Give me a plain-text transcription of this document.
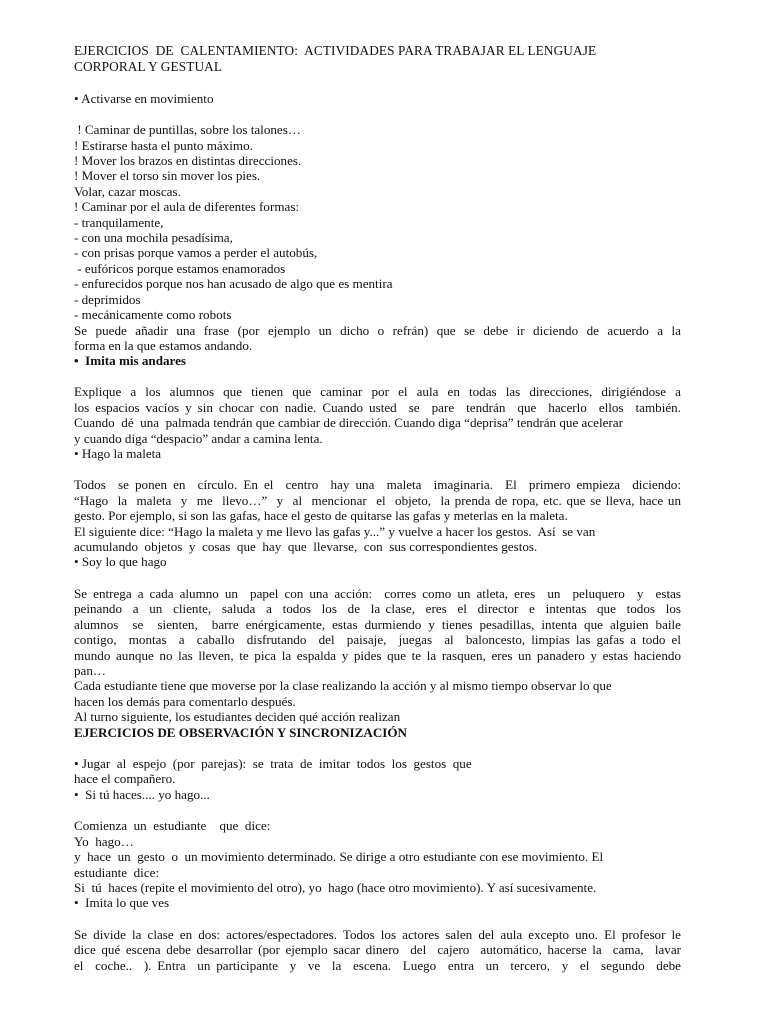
EJERCICIOS  DE  CALENTAMIENTO:  ACTIVIDADES PARA TRABAJAR EL LENGUAJE
CORPORAL Y GESTUAL
• Activarse en movimiento
! Caminar de puntillas, sobre los talones…
! Estirarse hasta el punto máximo.
! Mover los brazos en distintas direcciones.
! Mover el torso sin mover los pies.
Volar, cazar moscas.
! Caminar por el aula de diferentes formas:
- tranquilamente,
- con una mochila pesadísima,
- con prisas porque vamos a perder el autobús,
- eufóricos porque estamos enamorados
- enfurecidos porque nos han acusado de algo que es mentira
- deprimidos
- mecánicamente como robots
Se puede añadir una frase (por ejemplo un dicho o refrán) que se debe ir diciendo de acuerdo a la
forma en la que estamos andando.
•  Imita mis andares
Explique a los alumnos que tienen que caminar por el aula en todas las direcciones, dirigiéndose a
los espacios vacíos y sin chocar con nadie. Cuando usted  se  pare  tendrán  que  hacerlo  ellos  también.
Cuando  dé  una  palmada tendrán que cambiar de dirección. Cuando diga “deprisa” tendrán que acelerar
y cuando diga “despacio” andar a camina lenta.
• Hago la maleta
Todos  se ponen en  círculo. En el  centro  hay una  maleta  imaginaria.  El  primero empieza  diciendo:
“Hago  la  maleta  y  me  llevo…”  y  al  mencionar  el  objeto,  la prenda de ropa, etc. que se lleva, hace un
gesto. Por ejemplo, si son las gafas, hace el gesto de quitarse las gafas y meterlas en la maleta.
El siguiente dice: “Hago la maleta y me llevo las gafas y...” y vuelve a hacer los gestos.  Así  se van
acumulando  objetos  y  cosas  que  hay  que  llevarse,  con  sus correspondientes gestos.
• Soy lo que hago
Se entrega a cada alumno un  papel con una acción:  corres como un atleta, eres  un  peluquero  y  estas
peinando  a  un  cliente,  saluda  a  todos  los  de  la clase,  eres  el  director  e  intentas  que  todos  los
alumnos  se  sienten,  barre enérgicamente, estas durmiendo y tienes pesadillas, intenta que alguien baile
contigo,  montas  a  caballo  disfrutando  del  paisaje,  juegas  al  baloncesto, limpias las gafas a todo el
mundo aunque no las lleven, te pica la espalda y pides que te la rasquen, eres un panadero y estas haciendo
pan…
Cada estudiante tiene que moverse por la clase realizando la acción y al mismo tiempo observar lo que
hacen los demás para comentarlo después.
Al turno siguiente, los estudiantes deciden qué acción realizan
EJERCICIOS DE OBSERVACIÓN Y SINCRONIZACIÓN
• Jugar  al  espejo  (por  parejas):  se  trata  de  imitar  todos  los  gestos  que
hace el compañero.
•  Si tú haces.... yo hago...
Comienza  un  estudiante    que  dice:
Yo  hago…
y  hace  un  gesto  o  un movimiento determinado. Se dirige a otro estudiante con ese movimiento. El
estudiante  dice:
Si  tú  haces (repite el movimiento del otro), yo  hago (hace otro movimiento). Y así sucesivamente.
•  Imita lo que ves
Se divide la clase en dos: actores/espectadores. Todos los actores salen del aula excepto uno. El profesor le
dice qué escena debe desarrollar (por ejemplo sacar dinero  del  cajero  automático, hacerse la  cama,  lavar
el  coche..  ). Entra  un participante  y  ve  la  escena.  Luego  entra  un  tercero,  y  el  segundo  debe
